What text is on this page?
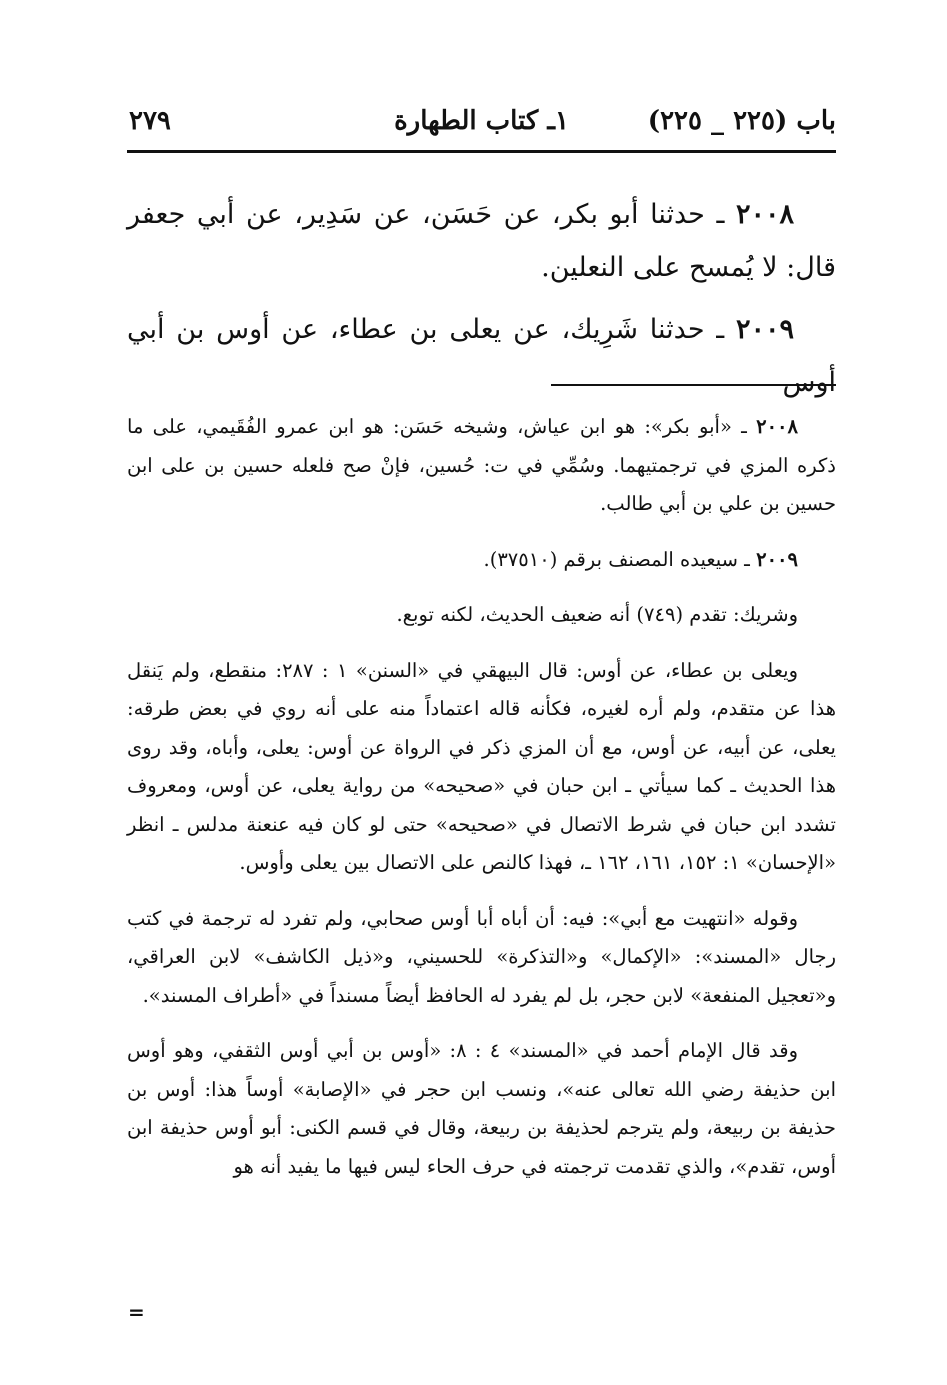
باب (٢٢٥ _ ٢٢٥)
١ـ كتاب الطهارة
٢٧٩

٢٠٠٨ ـ حدثنا أبو بكر، عن حَسَن، عن سَدِير، عن أبي جعفر قال: لا يُمسح على النعلين.

٢٠٠٩ ـ حدثنا شَرِيك، عن يعلى بن عطاء، عن أوس بن أبي أوس

٢٠٠٨ ـ «أبو بكر»: هو ابن عياش، وشيخه حَسَن: هو ابن عمرو الفُقَيمي، على ما ذكره المزي في ترجمتيهما. وسُمِّي في ت: حُسين، فإنْ صح فلعله حسين بن على ابن حسين بن علي بن أبي طالب.

٢٠٠٩ ـ سيعيده المصنف برقم (٣٧٥١٠).

وشريك: تقدم (٧٤٩) أنه ضعيف الحديث، لكنه توبع.

ويعلى بن عطاء، عن أوس: قال البيهقي في «السنن» ١ : ٢٨٧: منقطع، ولم يَنقل هذا عن متقدم، ولم أره لغيره، فكأنه قاله اعتماداً منه على أنه روي في بعض طرقه: يعلى، عن أبيه، عن أوس، مع أن المزي ذكر في الرواة عن أوس: يعلى، وأباه، وقد روى هذا الحديث ـ كما سيأتي ـ ابن حبان في «صحيحه» من رواية يعلى، عن أوس، ومعروف تشدد ابن حبان في شرط الاتصال في «صحيحه» حتى لو كان فيه عنعنة مدلس ـ انظر «الإحسان» ١: ١٥٢، ١٦١، ١٦٢ ـ، فهذا كالنص على الاتصال بين يعلى وأوس.

وقوله «انتهيت مع أبي»: فيه: أن أباه أبا أوس صحابي، ولم تفرد له ترجمة في كتب رجال «المسند»: «الإكمال» و«التذكرة» للحسيني، و«ذيل الكاشف» لابن العراقي، و«تعجيل المنفعة» لابن حجر، بل لم يفرد له الحافظ أيضاً مسنداً في «أطراف المسند».

وقد قال الإمام أحمد في «المسند» ٤ : ٨: «أوس بن أبي أوس الثقفي، وهو أوس ابن حذيفة رضي الله تعالى عنه»، ونسب ابن حجر في «الإصابة» أوساً هذا: أوس بن حذيفة بن ربيعة، ولم يترجم لحذيفة بن ربيعة، وقال في قسم الكنى: أبو أوس حذيفة ابن أوس، تقدم»، والذي تقدمت ترجمته في حرف الحاء ليس فيها ما يفيد أنه هو

=
